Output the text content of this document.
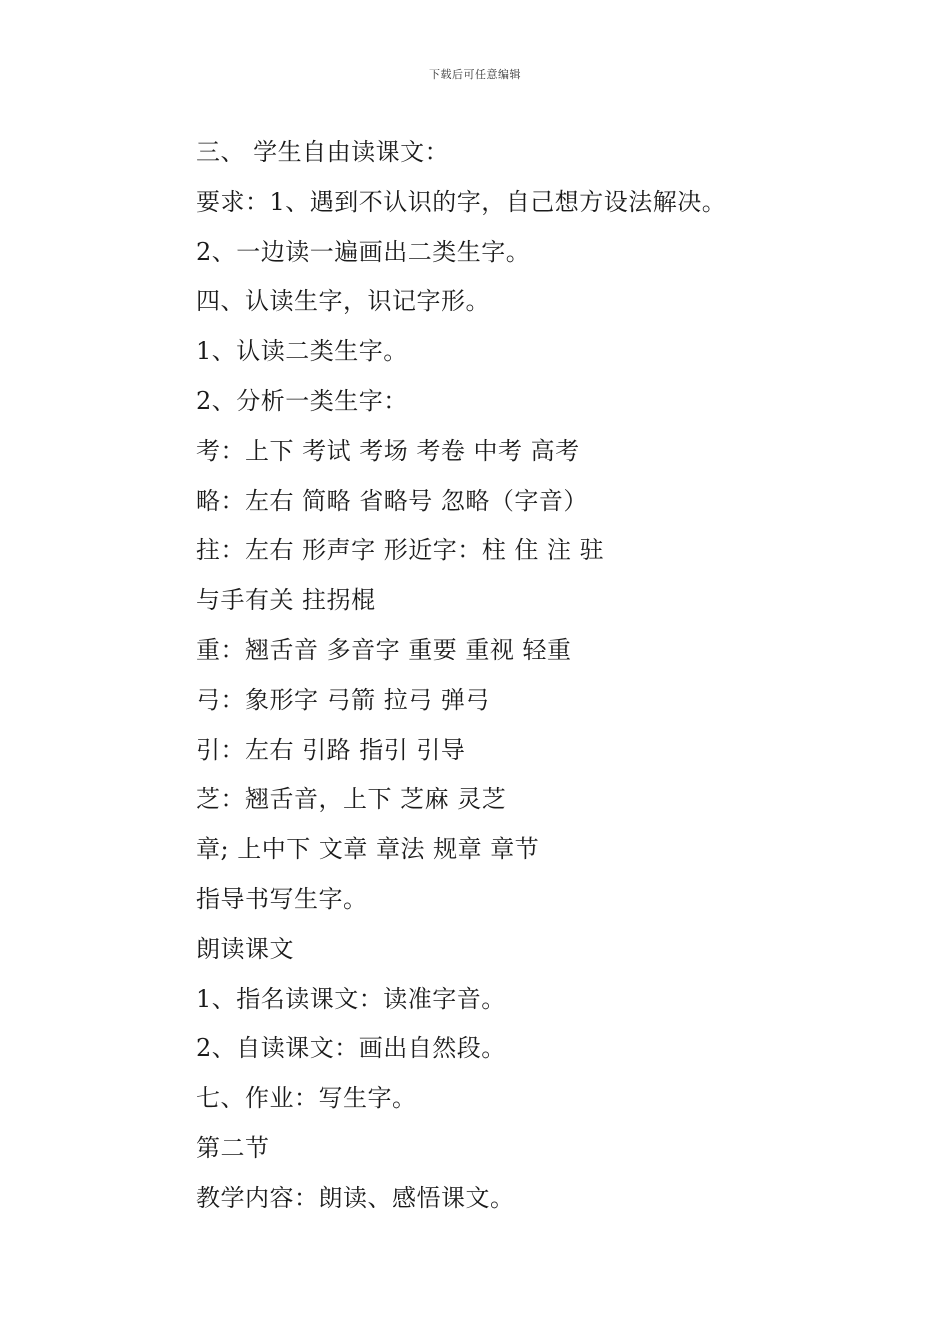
下载后可任意编辑
三、 学生自由读课文：
要求：1、遇到不认识的字，自己想方设法解决。
2、一边读一遍画出二类生字。
四、认读生字，识记字形。
1、认读二类生字。
2、分析一类生字：
考：上下 考试 考场 考卷 中考 高考
略：左右 简略 省略号 忽略（字音）
拄：左右 形声字 形近字：柱 住 注 驻
与手有关 拄拐棍
重：翘舌音 多音字 重要 重视 轻重
弓：象形字 弓箭 拉弓 弹弓
引：左右 引路 指引 引导
芝：翘舌音，上下 芝麻 灵芝
章; 上中下 文章 章法 规章 章节
指导书写生字。
朗读课文
1、指名读课文：读准字音。
2、自读课文：画出自然段。
七、作业：写生字。
第二节
教学内容：朗读、感悟课文。
